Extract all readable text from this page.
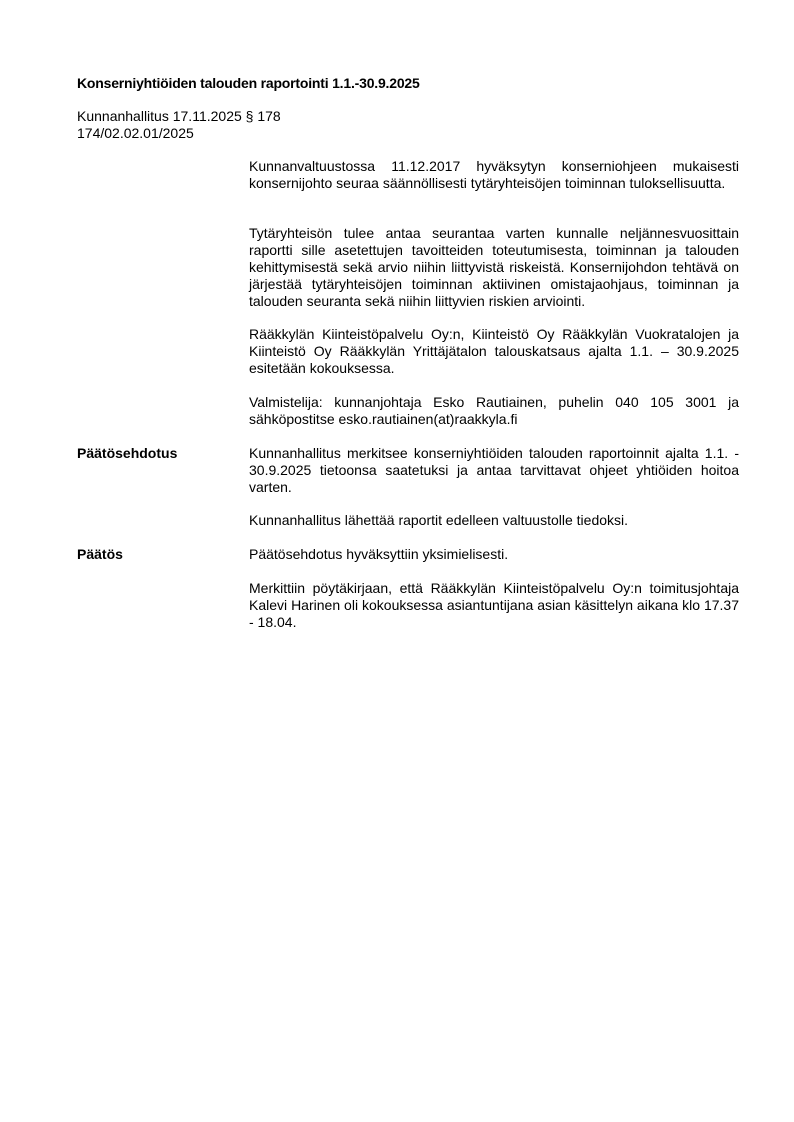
Konserniyhtiöiden talouden raportointi 1.1.-30.9.2025
Kunnanhallitus 17.11.2025 § 178
174/02.02.01/2025

Kunnanvaltuustossa 11.12.2017 hyväksytyn konserniohjeen mukaisesti konsernijohto seuraa säännöllisesti tytäryhteisöjen toiminnan tuloksellisuutta.

Tytäryhteisön tulee antaa seurantaa varten kunnalle neljännesvuosittain raportti sille asetettujen tavoitteiden toteutumisesta, toiminnan ja talouden kehittymisestä sekä arvio niihin liittyvistä riskeistä. Konsernijohdon tehtävä on järjestää tytäryhteisöjen toiminnan aktiivinen omistajaohjaus, toiminnan ja talouden seuranta sekä niihin liittyvien riskien arviointi.

Rääkkylän Kiinteistöpalvelu Oy:n, Kiinteistö Oy Rääkkylän Vuokratalojen ja Kiinteistö Oy Rääkkylän Yrittäjätalon talouskatsaus ajalta 1.1. – 30.9.2025 esitetään kokouksessa.

Valmistelija: kunnanjohtaja Esko Rautiainen, puhelin 040 105 3001 ja sähköpostitse esko.rautiainen(at)raakkyla.fi

Päätösehdotus	Kunnanhallitus merkitsee konserniyhtiöiden talouden raportoinnit ajalta 1.1. - 30.9.2025 tietoonsa saatetuksi ja antaa tarvittavat ohjeet yhtiöiden hoitoa varten.

Kunnanhallitus lähettää raportit edelleen valtuustolle tiedoksi.

Päätös	Päätösehdotus hyväksyttiin yksimielisesti.

Merkittiin pöytäkirjaan, että Rääkkylän Kiinteistöpalvelu Oy:n toimitusjohtaja Kalevi Harinen oli kokouksessa asiantuntijana asian käsittelyn aikana klo 17.37 - 18.04.
